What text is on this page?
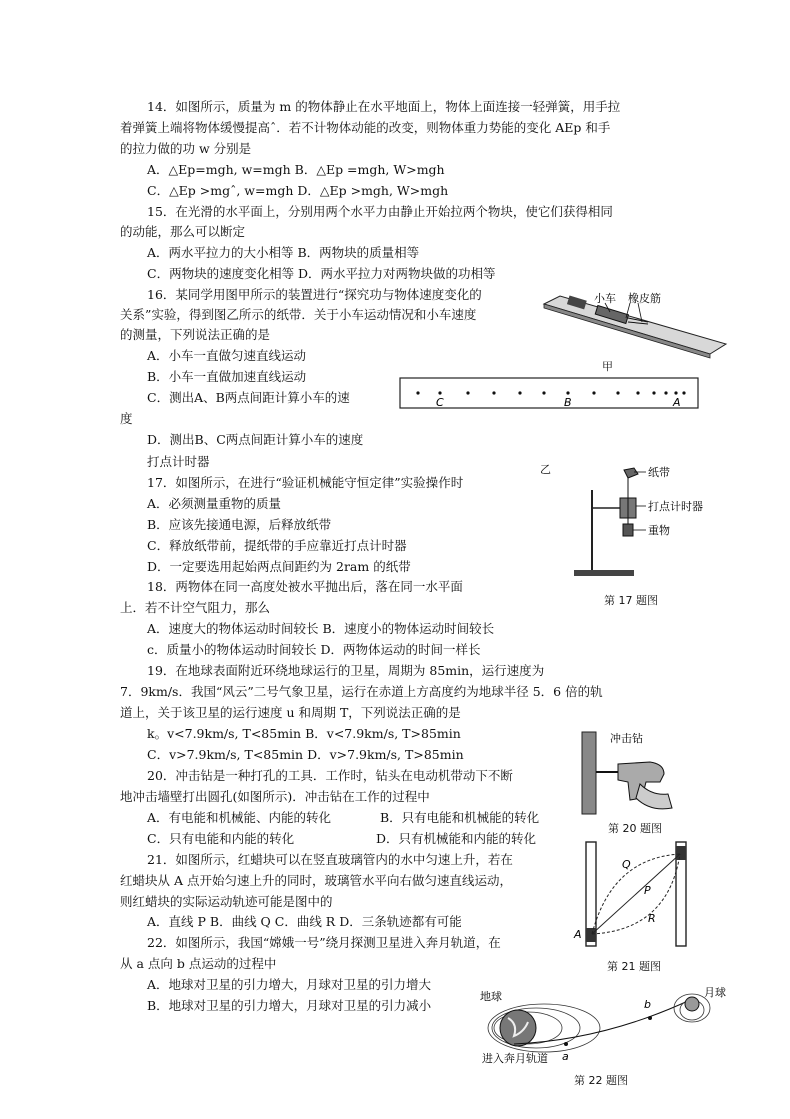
14．如图所示，质量为 m 的物体静止在水平地面上，物体上面连接一轻弹簧，用手拉
着弹簧上端将物体缓慢提高ˆ．若不计物体动能的改变，则物体重力势能的变化 AEp 和手
的拉力做的功 w 分别是
A．△Ep=mgh, w=mgh B．△Ep =mgh, W>mgh
C．△Ep >mgˆ, w=mgh D．△Ep >mgh, W>mgh
15．在光滑的水平面上，分别用两个水平力由静止开始拉两个物块，使它们获得相同
的动能，那么可以断定
A．两水平拉力的大小相等 B．两物块的质量相等
C．两物块的速度变化相等 D．两水平拉力对两物块做的功相等
16．某同学用图甲所示的装置进行“探究功与物体速度变化的
关系”实验，得到图乙所示的纸带．关于小车运动情况和小车速度
的测量，下列说法正确的是
A．小车一直做匀速直线运动
B．小车一直做加速直线运动
C．测出A、B两点间距计算小车的速
度
D．测出B、C两点间距计算小车的速度
小车 橡皮筋
甲
C	B	A
打点计时器
乙
17．如图所示，在进行“验证机械能守恒定律”实验操作时
A．必须测量重物的质量
B．应该先接通电源，后释放纸带
C．释放纸带前，提纸带的手应靠近打点计时器
D．一定要选用起始两点间距约为 2ram 的纸带
纸带
打点计时器
重物
第 17 题图
18．两物体在同一高度处被水平抛出后，落在同一水平面
上．若不计空气阻力，那么
A．速度大的物体运动时间较长 B．速度小的物体运动时间较长
c．质量小的物体运动时间较长 D．两物体运动的时间一样长
19．在地球表面附近环绕地球运行的卫星，周期为 85min，运行速度为
7．9km/s．我国“风云”二号气象卫星，运行在赤道上方高度约为地球半径 5．6 倍的轨
道上，关于该卫星的运行速度 u 和周期 T，下列说法正确的是
k。v<7.9km/s, T<85min B．v<7.9km/s, T>85min
C．v>7.9km/s, T<85min D．v>7.9km/s, T>85min
20．冲击钻是一种打孔的工具．工作时，钻头在电动机带动下不断
地冲击墙壁打出圆孔(如图所示)．冲击钻在工作的过程中
A．有电能和机械能、内能的转化	B．只有电能和机械能的转化
C．只有电能和内能的转化	D．只有机械能和内能的转化
冲击钻
第 20 题图
21．如图所示，红蜡块可以在竖直玻璃管内的水中匀速上升，若在
红蜡块从 A 点开始匀速上升的同时，玻璃管水平向右做匀速直线运动，
则红蜡块的实际运动轨迹可能是图中的
A．直线 P B．曲线 Q C．曲线 R D．三条轨迹都有可能
Q
P
R
A
第 21 题图
22．如图所示，我国“嫦娥一号”绕月探测卫星进入奔月轨道，在
从 a 点向 b 点运动的过程中
A．地球对卫星的引力增大，月球对卫星的引力增大
B．地球对卫星的引力增大，月球对卫星的引力减小
地球	月球
b
a
进入奔月轨道
第 22 题图
